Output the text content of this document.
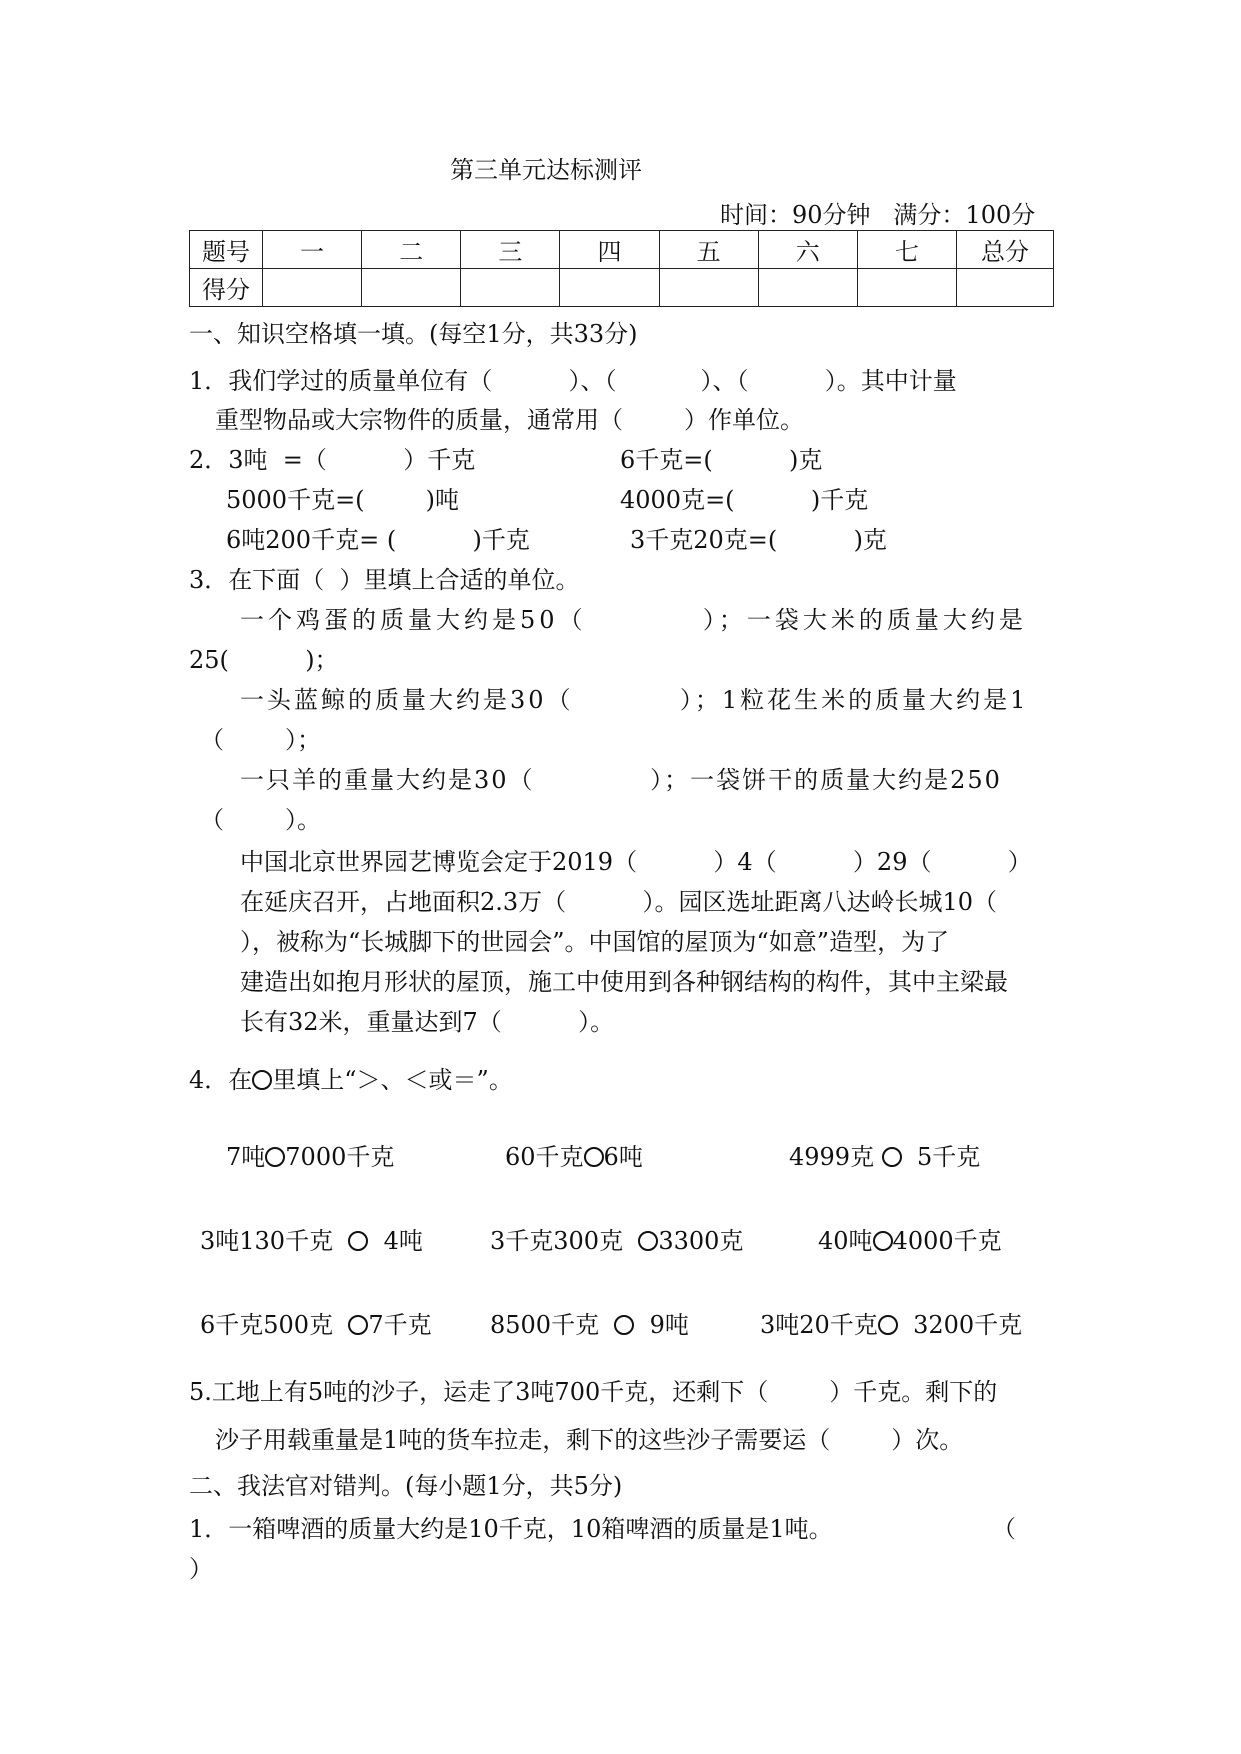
第三单元达标测评
时间：90分钟   满分：100分
题号	一	二	三	四	五	六	七	总分
得分								
一、知识空格填一填。(每空1分，共33分)
1．我们学过的质量单位有（          ）、（           ）、（          ）。其中计量
重型物品或大宗物件的质量，通常用（        ）作单位。
2．3吨  =（          ）千克	6千克=(          )克
5000千克=(        )吨	4000克=(          )千克
6吨200千克= (          )千克	3千克20克=(          )克
3．在下面（  ）里填上合适的单位。
一个鸡蛋的质量大约是50（          ）；一袋大米的质量大约是
25(          )；
一头蓝鲸的质量大约是30（          ）；1粒花生米的质量大约是1
（        ）；
一只羊的重量大约是30（            ）；一袋饼干的质量大约是250
（        ）。
中国北京世界园艺博览会定于2019（          ）4（          ）29（          ）
在延庆召开，占地面积2.3万（          ）。园区选址距离八达岭长城10（
），被称为“长城脚下的世园会”。中国馆的屋顶为“如意”造型，为了
建造出如抱月形状的屋顶，施工中使用到各种钢结构的构件，其中主梁最
长有32米，重量达到7（          ）。
4．在 里填上“＞、＜或＝”。
7吨 7000千克	60千克 6吨	4999克   5千克
3吨130千克    4吨	3千克300克  3300克	40吨 4000千克
6千克500克  7千克 8500千克    9吨	3吨20千克  3200千克
5.工地上有5吨的沙子，运走了3吨700千克，还剩下（        ）千克。剩下的
沙子用载重量是1吨的货车拉走，剩下的这些沙子需要运（        ）次。
二、我法官对错判。(每小题1分，共5分)
1．一箱啤酒的质量大约是10千克，10箱啤酒的质量是1吨。	（
）
